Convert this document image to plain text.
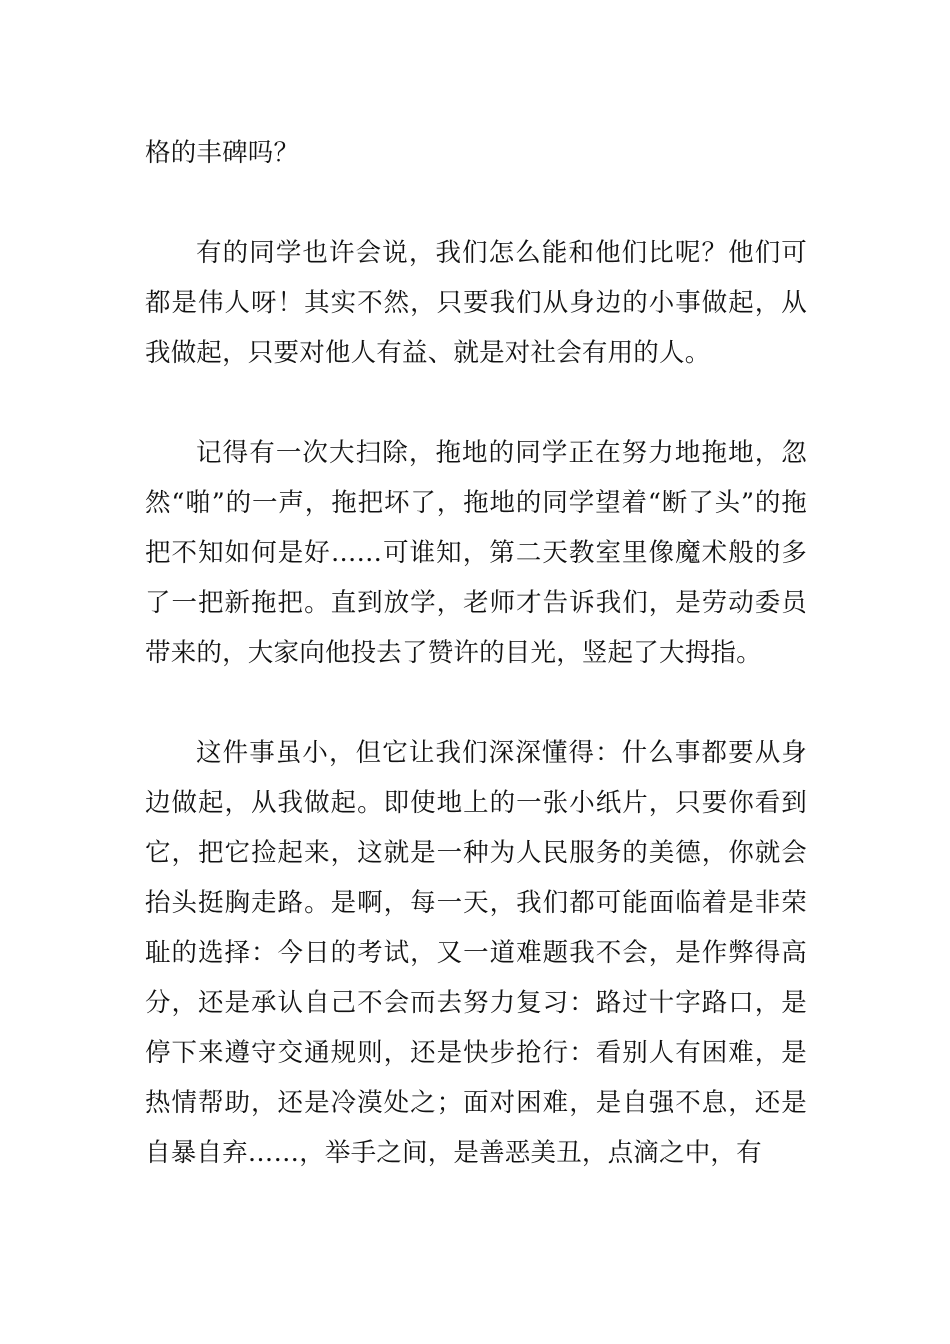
格的丰碑吗？

有的同学也许会说，我们怎么能和他们比呢？他们可都是伟人呀！其实不然，只要我们从身边的小事做起，从我做起，只要对他人有益、就是对社会有用的人。

记得有一次大扫除，拖地的同学正在努力地拖地，忽然“啪”的一声，拖把坏了，拖地的同学望着“断了头”的拖把不知如何是好……可谁知，第二天教室里像魔术般的多了一把新拖把。直到放学，老师才告诉我们，是劳动委员带来的，大家向他投去了赞许的目光，竖起了大拇指。

这件事虽小，但它让我们深深懂得：什么事都要从身边做起，从我做起。即使地上的一张小纸片，只要你看到它，把它捡起来，这就是一种为人民服务的美德，你就会抬头挺胸走路。是啊，每一天，我们都可能面临着是非荣耻的选择：今日的考试，又一道难题我不会，是作弊得高分，还是承认自己不会而去努力复习：路过十字路口，是停下来遵守交通规则，还是快步抢行：看别人有困难，是热情帮助，还是冷漠处之；面对困难，是自强不息，还是自暴自弃……，举手之间，是善恶美丑，点滴之中，有
